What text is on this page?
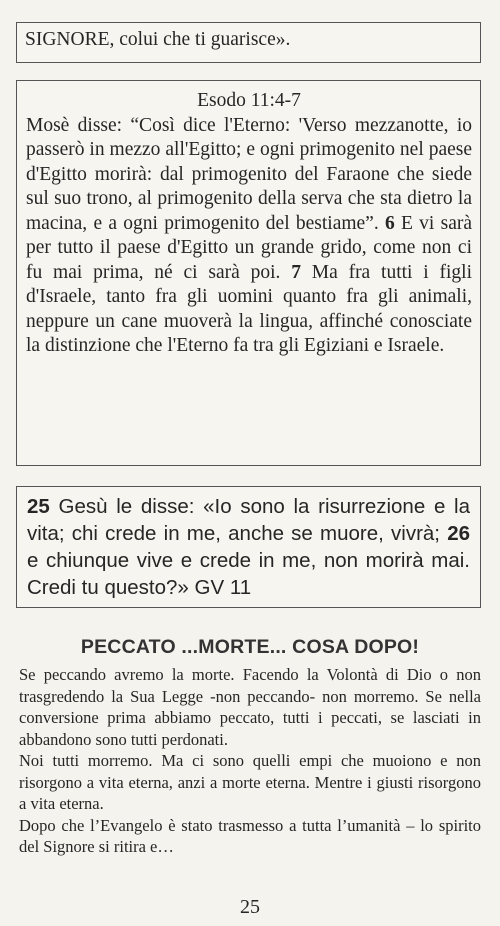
SIGNORE, colui che ti guarisce».

Esodo 11:4-7

Mosè disse: “Così dice l'Eterno: 'Verso mezzanotte, io passerò in mezzo all'Egitto; e ogni primogenito nel paese d'Egitto morirà: dal primogenito del Faraone che siede sul suo trono, al primogenito della serva che sta dietro la macina, e a ogni primogenito del bestiame”. 6 E vi sarà per tutto il paese d'Egitto un grande grido, come non ci fu mai prima, né ci sarà poi. 7 Ma fra tutti i figli d'Israele, tanto fra gli uomini quanto fra gli animali, neppure un cane muoverà la lingua, affinché conosciate la distinzione che l'Eterno fa tra gli Egiziani e Israele.

25 Gesù le disse: «Io sono la risurrezione e la vita; chi crede in me, anche se muore, vivrà; 26 e chiunque vive e crede in me, non morirà mai. Credi tu questo?» GV 11
PECCATO ...MORTE... COSA DOPO!

Se peccando avremo la morte. Facendo la Volontà di Dio o non trasgredendo la Sua Legge -non peccando- non morremo. Se nella conversione prima abbiamo peccato, tutti i peccati, se lasciati in abbandono sono tutti perdonati.

Noi tutti morremo. Ma ci sono quelli empi che muoiono e non risorgono a vita eterna, anzi a morte eterna. Mentre i giusti risorgono a vita eterna.

Dopo che l’Evangelo è stato trasmesso a tutta l’umanità – lo spirito del Signore si ritira e…

25
